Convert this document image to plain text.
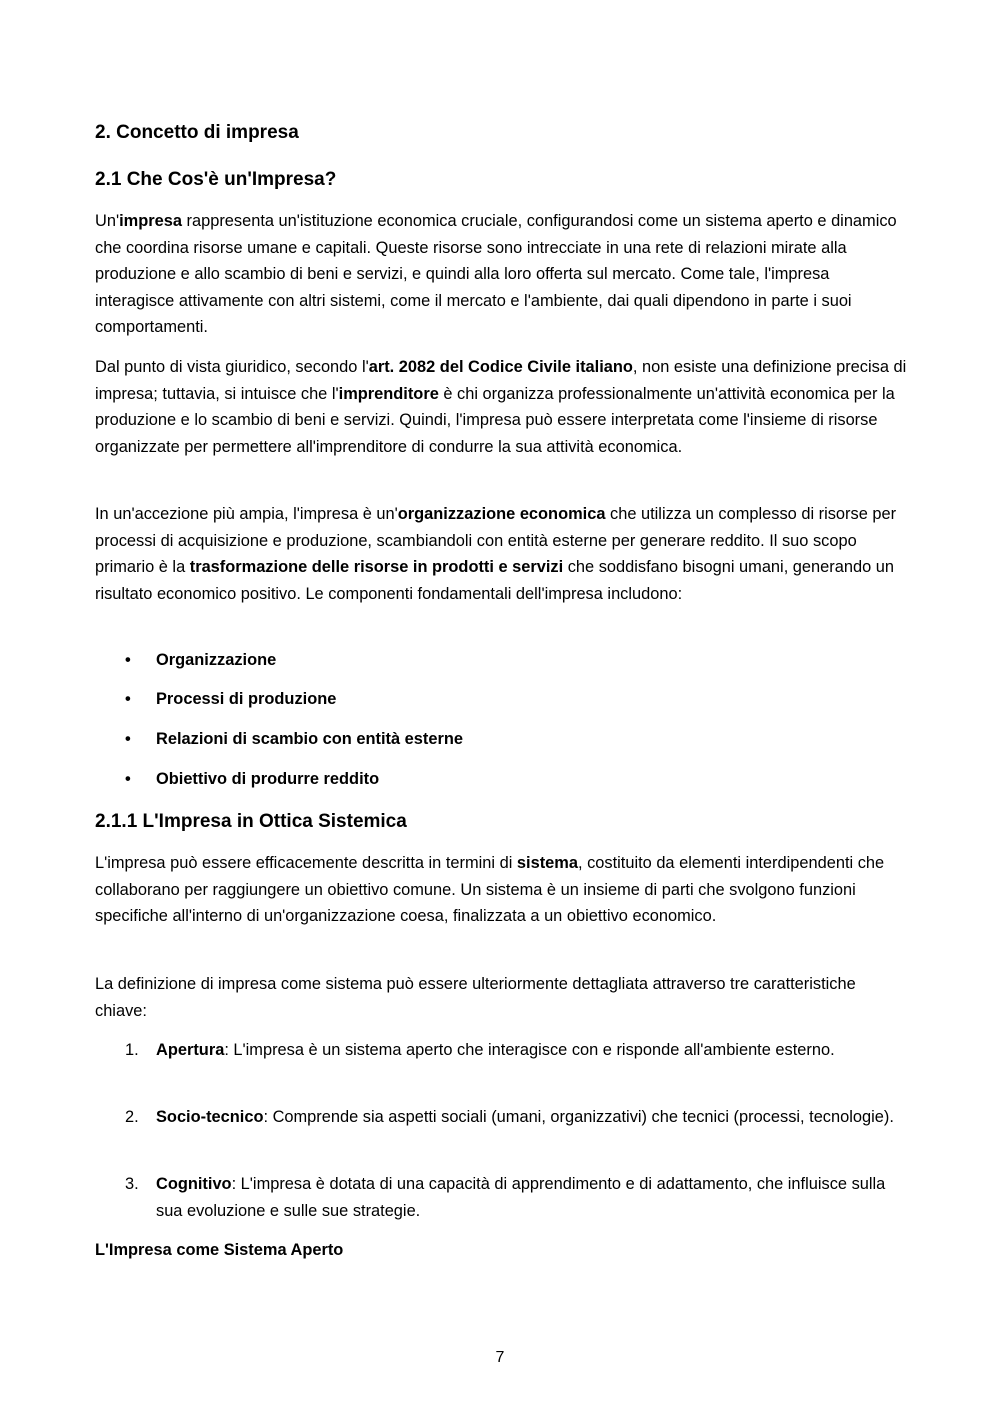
2. Concetto di impresa
2.1 Che Cos'è un'Impresa?

Un'impresa rappresenta un'istituzione economica cruciale, configurandosi come un sistema aperto e dinamico che coordina risorse umane e capitali. Queste risorse sono intrecciate in una rete di relazioni mirate alla produzione e allo scambio di beni e servizi, e quindi alla loro offerta sul mercato. Come tale, l'impresa interagisce attivamente con altri sistemi, come il mercato e l'ambiente, dai quali dipendono in parte i suoi comportamenti.

Dal punto di vista giuridico, secondo l'art. 2082 del Codice Civile italiano, non esiste una definizione precisa di impresa; tuttavia, si intuisce che l'imprenditore è chi organizza professionalmente un'attività economica per la produzione e lo scambio di beni e servizi. Quindi, l'impresa può essere interpretata come l'insieme di risorse organizzate per permettere all'imprenditore di condurre la sua attività economica.

In un'accezione più ampia, l'impresa è un'organizzazione economica che utilizza un complesso di risorse per processi di acquisizione e produzione, scambiandoli con entità esterne per generare reddito. Il suo scopo primario è la trasformazione delle risorse in prodotti e servizi che soddisfano bisogni umani, generando un risultato economico positivo. Le componenti fondamentali dell'impresa includono:

• Organizzazione
• Processi di produzione
• Relazioni di scambio con entità esterne
• Obiettivo di produrre reddito
2.1.1 L'Impresa in Ottica Sistemica

L'impresa può essere efficacemente descritta in termini di sistema, costituito da elementi interdipendenti che collaborano per raggiungere un obiettivo comune. Un sistema è un insieme di parti che svolgono funzioni specifiche all'interno di un'organizzazione coesa, finalizzata a un obiettivo economico.

La definizione di impresa come sistema può essere ulteriormente dettagliata attraverso tre caratteristiche chiave:

1. Apertura: L'impresa è un sistema aperto che interagisce con e risponde all'ambiente esterno.
2. Socio-tecnico: Comprende sia aspetti sociali (umani, organizzativi) che tecnici (processi, tecnologie).
3. Cognitivo: L'impresa è dotata di una capacità di apprendimento e di adattamento, che influisce sulla sua evoluzione e sulle sue strategie.
L'Impresa come Sistema Aperto
7
